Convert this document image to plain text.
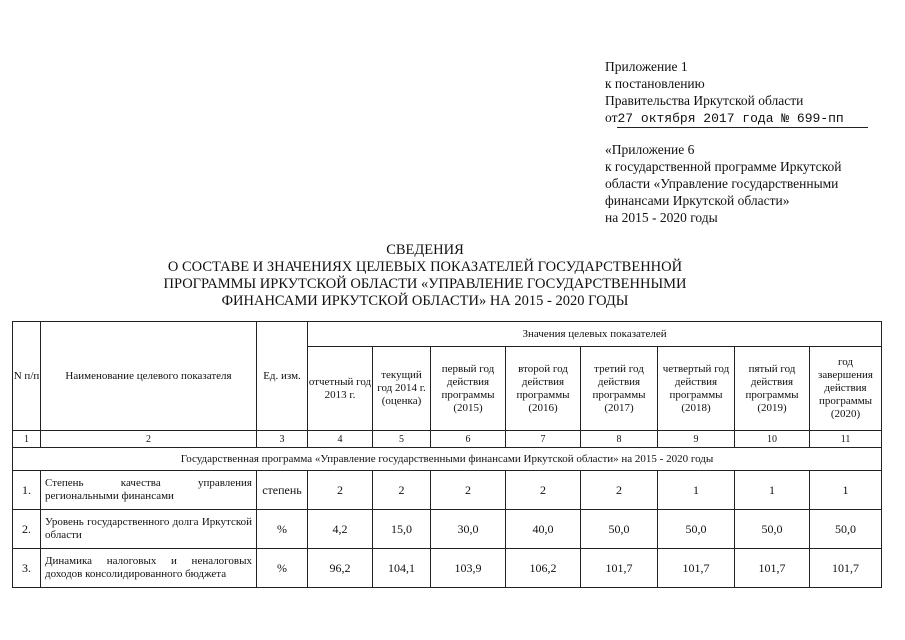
Приложение 1
к постановлению
Правительства Иркутской области
от 27 октября 2017 года № 699-пп
«Приложение 6
к государственной программе Иркутской
области «Управление государственными
финансами Иркутской области»
на 2015 - 2020 годы
СВЕДЕНИЯ
О СОСТАВЕ И ЗНАЧЕНИЯХ ЦЕЛЕВЫХ ПОКАЗАТЕЛЕЙ ГОСУДАРСТВЕННОЙ
ПРОГРАММЫ ИРКУТСКОЙ ОБЛАСТИ «УПРАВЛЕНИЕ ГОСУДАРСТВЕННЫМИ
ФИНАНСАМИ ИРКУТСКОЙ ОБЛАСТИ» НА 2015 - 2020 ГОДЫ
N п/п	Наименование целевого показателя	Ед. изм.	Значения целевых показателей							
			отчетный год 2013 г.	текущий год 2014 г. (оценка)	первый год действия программы (2015)	второй год действия программы (2016)	третий год действия программы (2017)	четвертый год действия программы (2018)	пятый год действия программы (2019)	год завершения действия программы (2020)
1	2	3	4	5	6	7	8	9	10	11
Государственная программа «Управление государственными финансами Иркутской области» на 2015 - 2020 годы										
1.	Степень качества управления региональными финансами	степень	2	2	2	2	2	1	1	1
2.	Уровень государственного долга Иркутской области	%	4,2	15,0	30,0	40,0	50,0	50,0	50,0	50,0
3.	Динамика налоговых и неналоговых доходов консолидированного бюджета	%	96,2	104,1	103,9	106,2	101,7	101,7	101,7	101,7
